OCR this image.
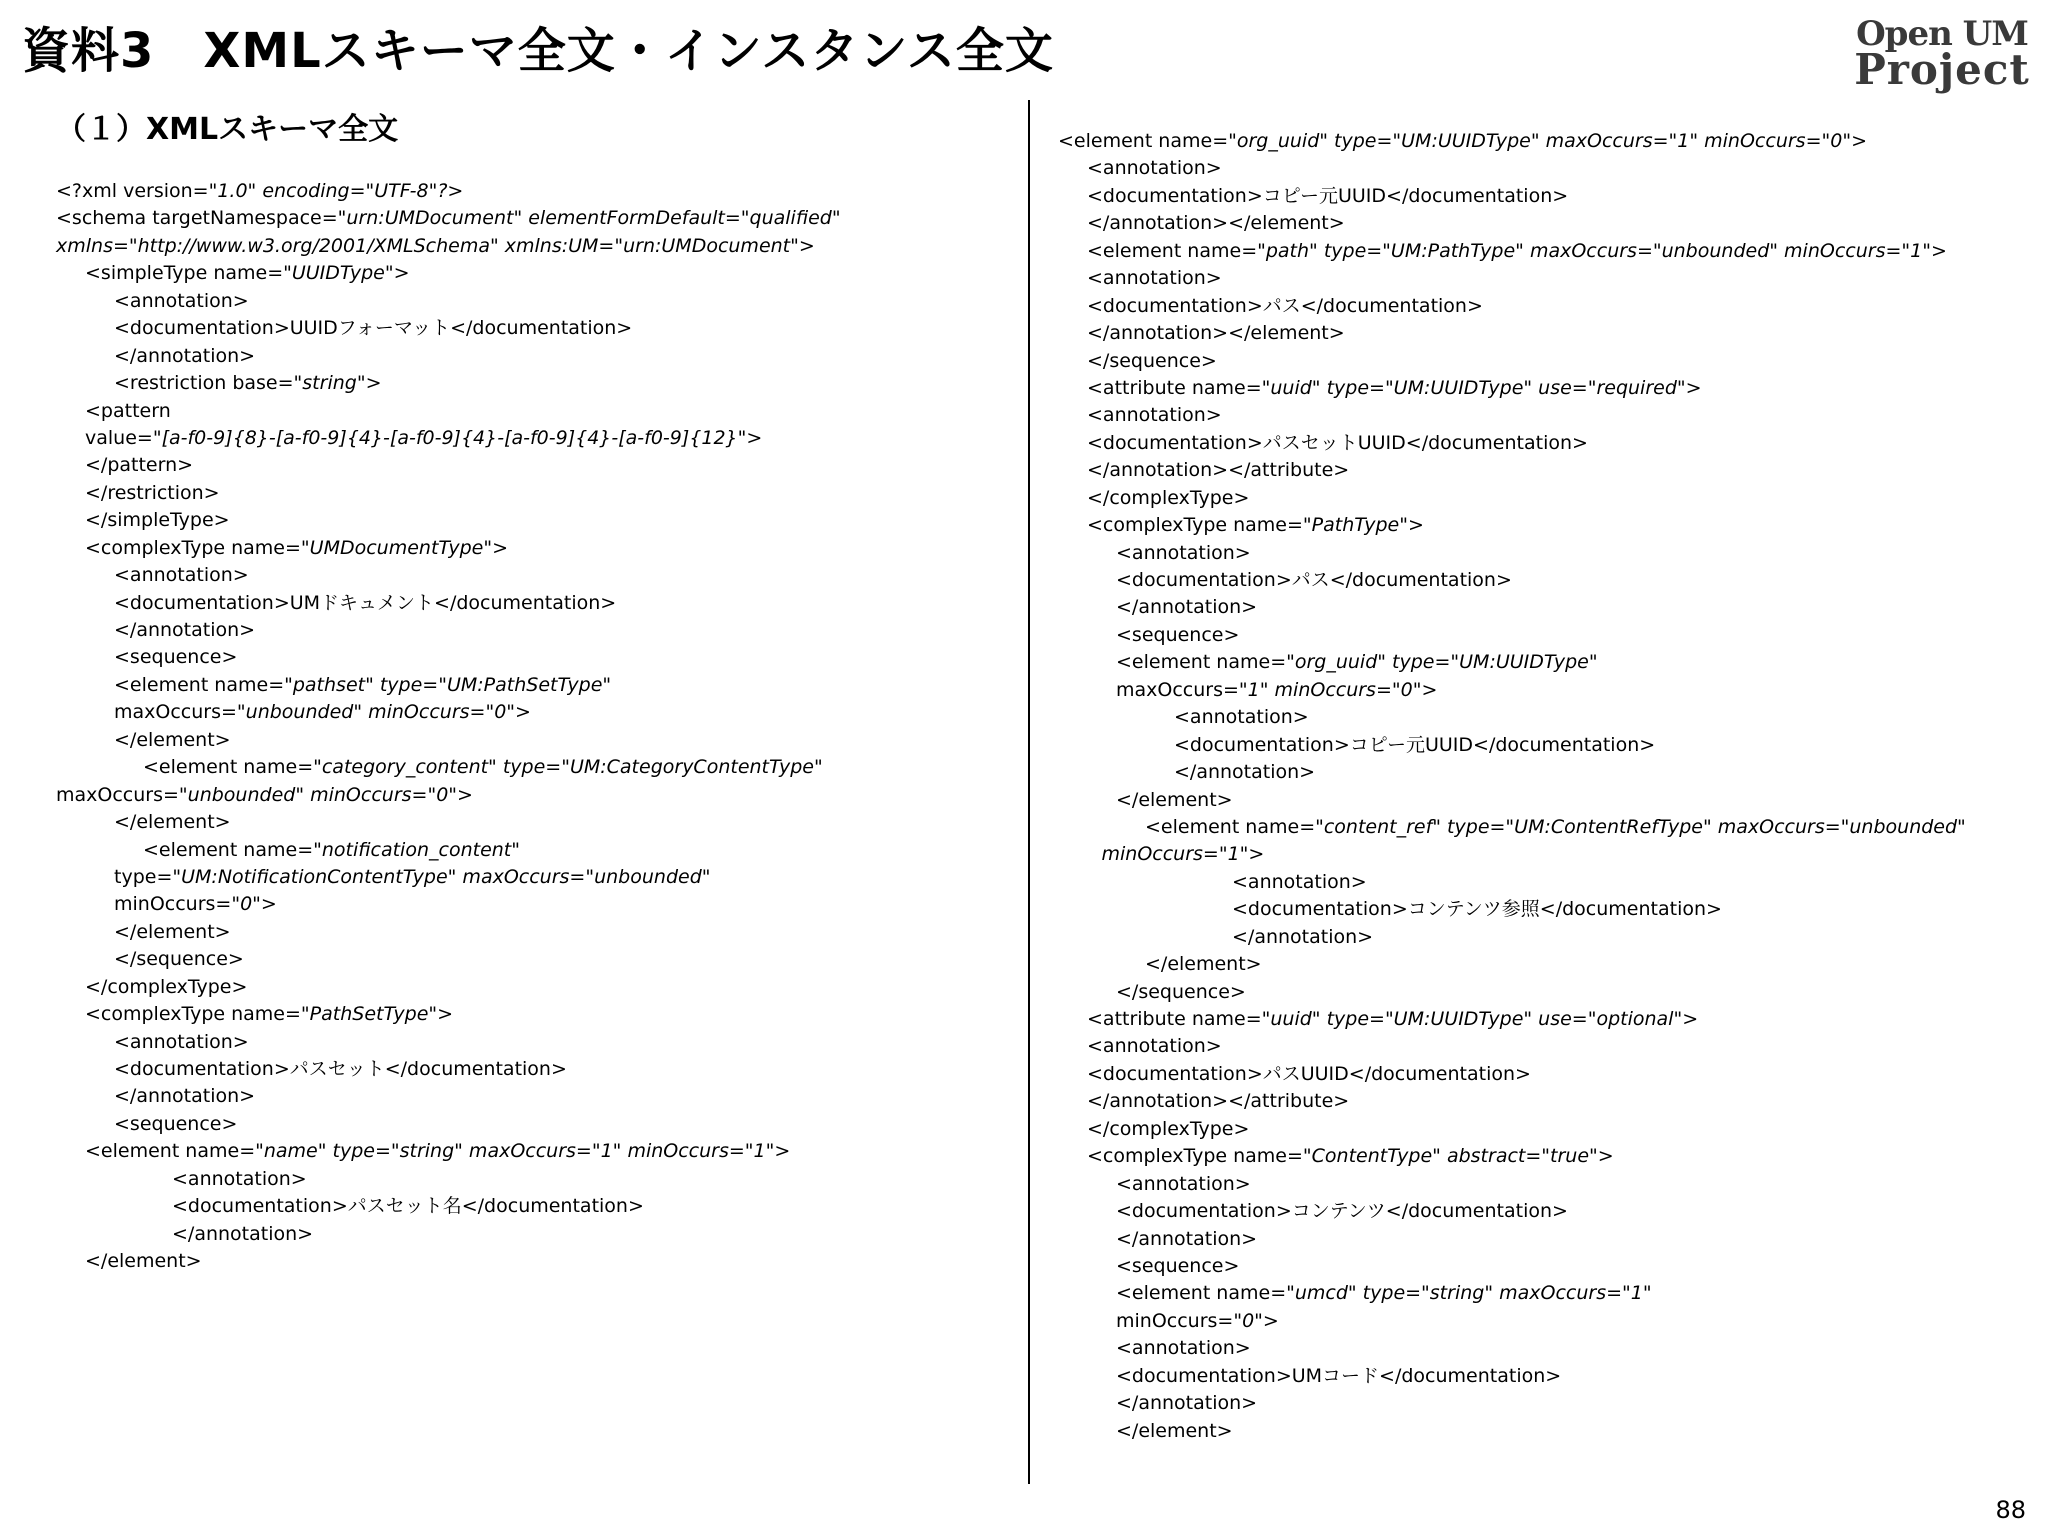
資料3　XMLスキーマ全文・インスタンス全文	Open UM
Project
（１）XMLスキーマ全文
<?xml version="1.0" encoding="UTF-8"?>
<schema targetNamespace="urn:UMDocument" elementFormDefault="qualified"
xmlns="http://www.w3.org/2001/XMLSchema" xmlns:UM="urn:UMDocument">
<simpleType name="UUIDType">
<annotation>
<documentation>UUIDフォーマット</documentation>
</annotation>
<restriction base="string">
<pattern
value="[a-f0-9]{8}-[a-f0-9]{4}-[a-f0-9]{4}-[a-f0-9]{4}-[a-f0-9]{12}">
</pattern>
</restriction>
</simpleType>
<complexType name="UMDocumentType">
<annotation>
<documentation>UMドキュメント</documentation>
</annotation>
<sequence>
<element name="pathset" type="UM:PathSetType"
maxOccurs="unbounded" minOccurs="0">
</element>
<element name="category_content" type="UM:CategoryContentType"
maxOccurs="unbounded" minOccurs="0">
</element>
<element name="notification_content"
type="UM:NotificationContentType" maxOccurs="unbounded"
minOccurs="0">
</element>
</sequence>
</complexType>
<complexType name="PathSetType">
<annotation>
<documentation>パスセット</documentation>
</annotation>
<sequence>
<element name="name" type="string" maxOccurs="1" minOccurs="1">
<annotation>
<documentation>パスセット名</documentation>
</annotation>
</element>
<element name="org_uuid" type="UM:UUIDType" maxOccurs="1" minOccurs="0">
<annotation>
<documentation>コピー元UUID</documentation>
</annotation></element>
<element name="path" type="UM:PathType" maxOccurs="unbounded" minOccurs="1">
<annotation>
<documentation>パス</documentation>
</annotation></element>
</sequence>
<attribute name="uuid" type="UM:UUIDType" use="required">
<annotation>
<documentation>パスセットUUID</documentation>
</annotation></attribute>
</complexType>
<complexType name="PathType">
<annotation>
<documentation>パス</documentation>
</annotation>
<sequence>
<element name="org_uuid" type="UM:UUIDType"
maxOccurs="1" minOccurs="0">
<annotation>
<documentation>コピー元UUID</documentation>
</annotation>
</element>
<element name="content_ref" type="UM:ContentRefType" maxOccurs="unbounded"
minOccurs="1">
<annotation>
<documentation>コンテンツ参照</documentation>
</annotation>
</element>
</sequence>
<attribute name="uuid" type="UM:UUIDType" use="optional">
<annotation>
<documentation>パスUUID</documentation>
</annotation></attribute>
</complexType>
<complexType name="ContentType" abstract="true">
<annotation>
<documentation>コンテンツ</documentation>
</annotation>
<sequence>
<element name="umcd" type="string" maxOccurs="1"
minOccurs="0">
<annotation>
<documentation>UMコード</documentation>
</annotation>
</element>
88
